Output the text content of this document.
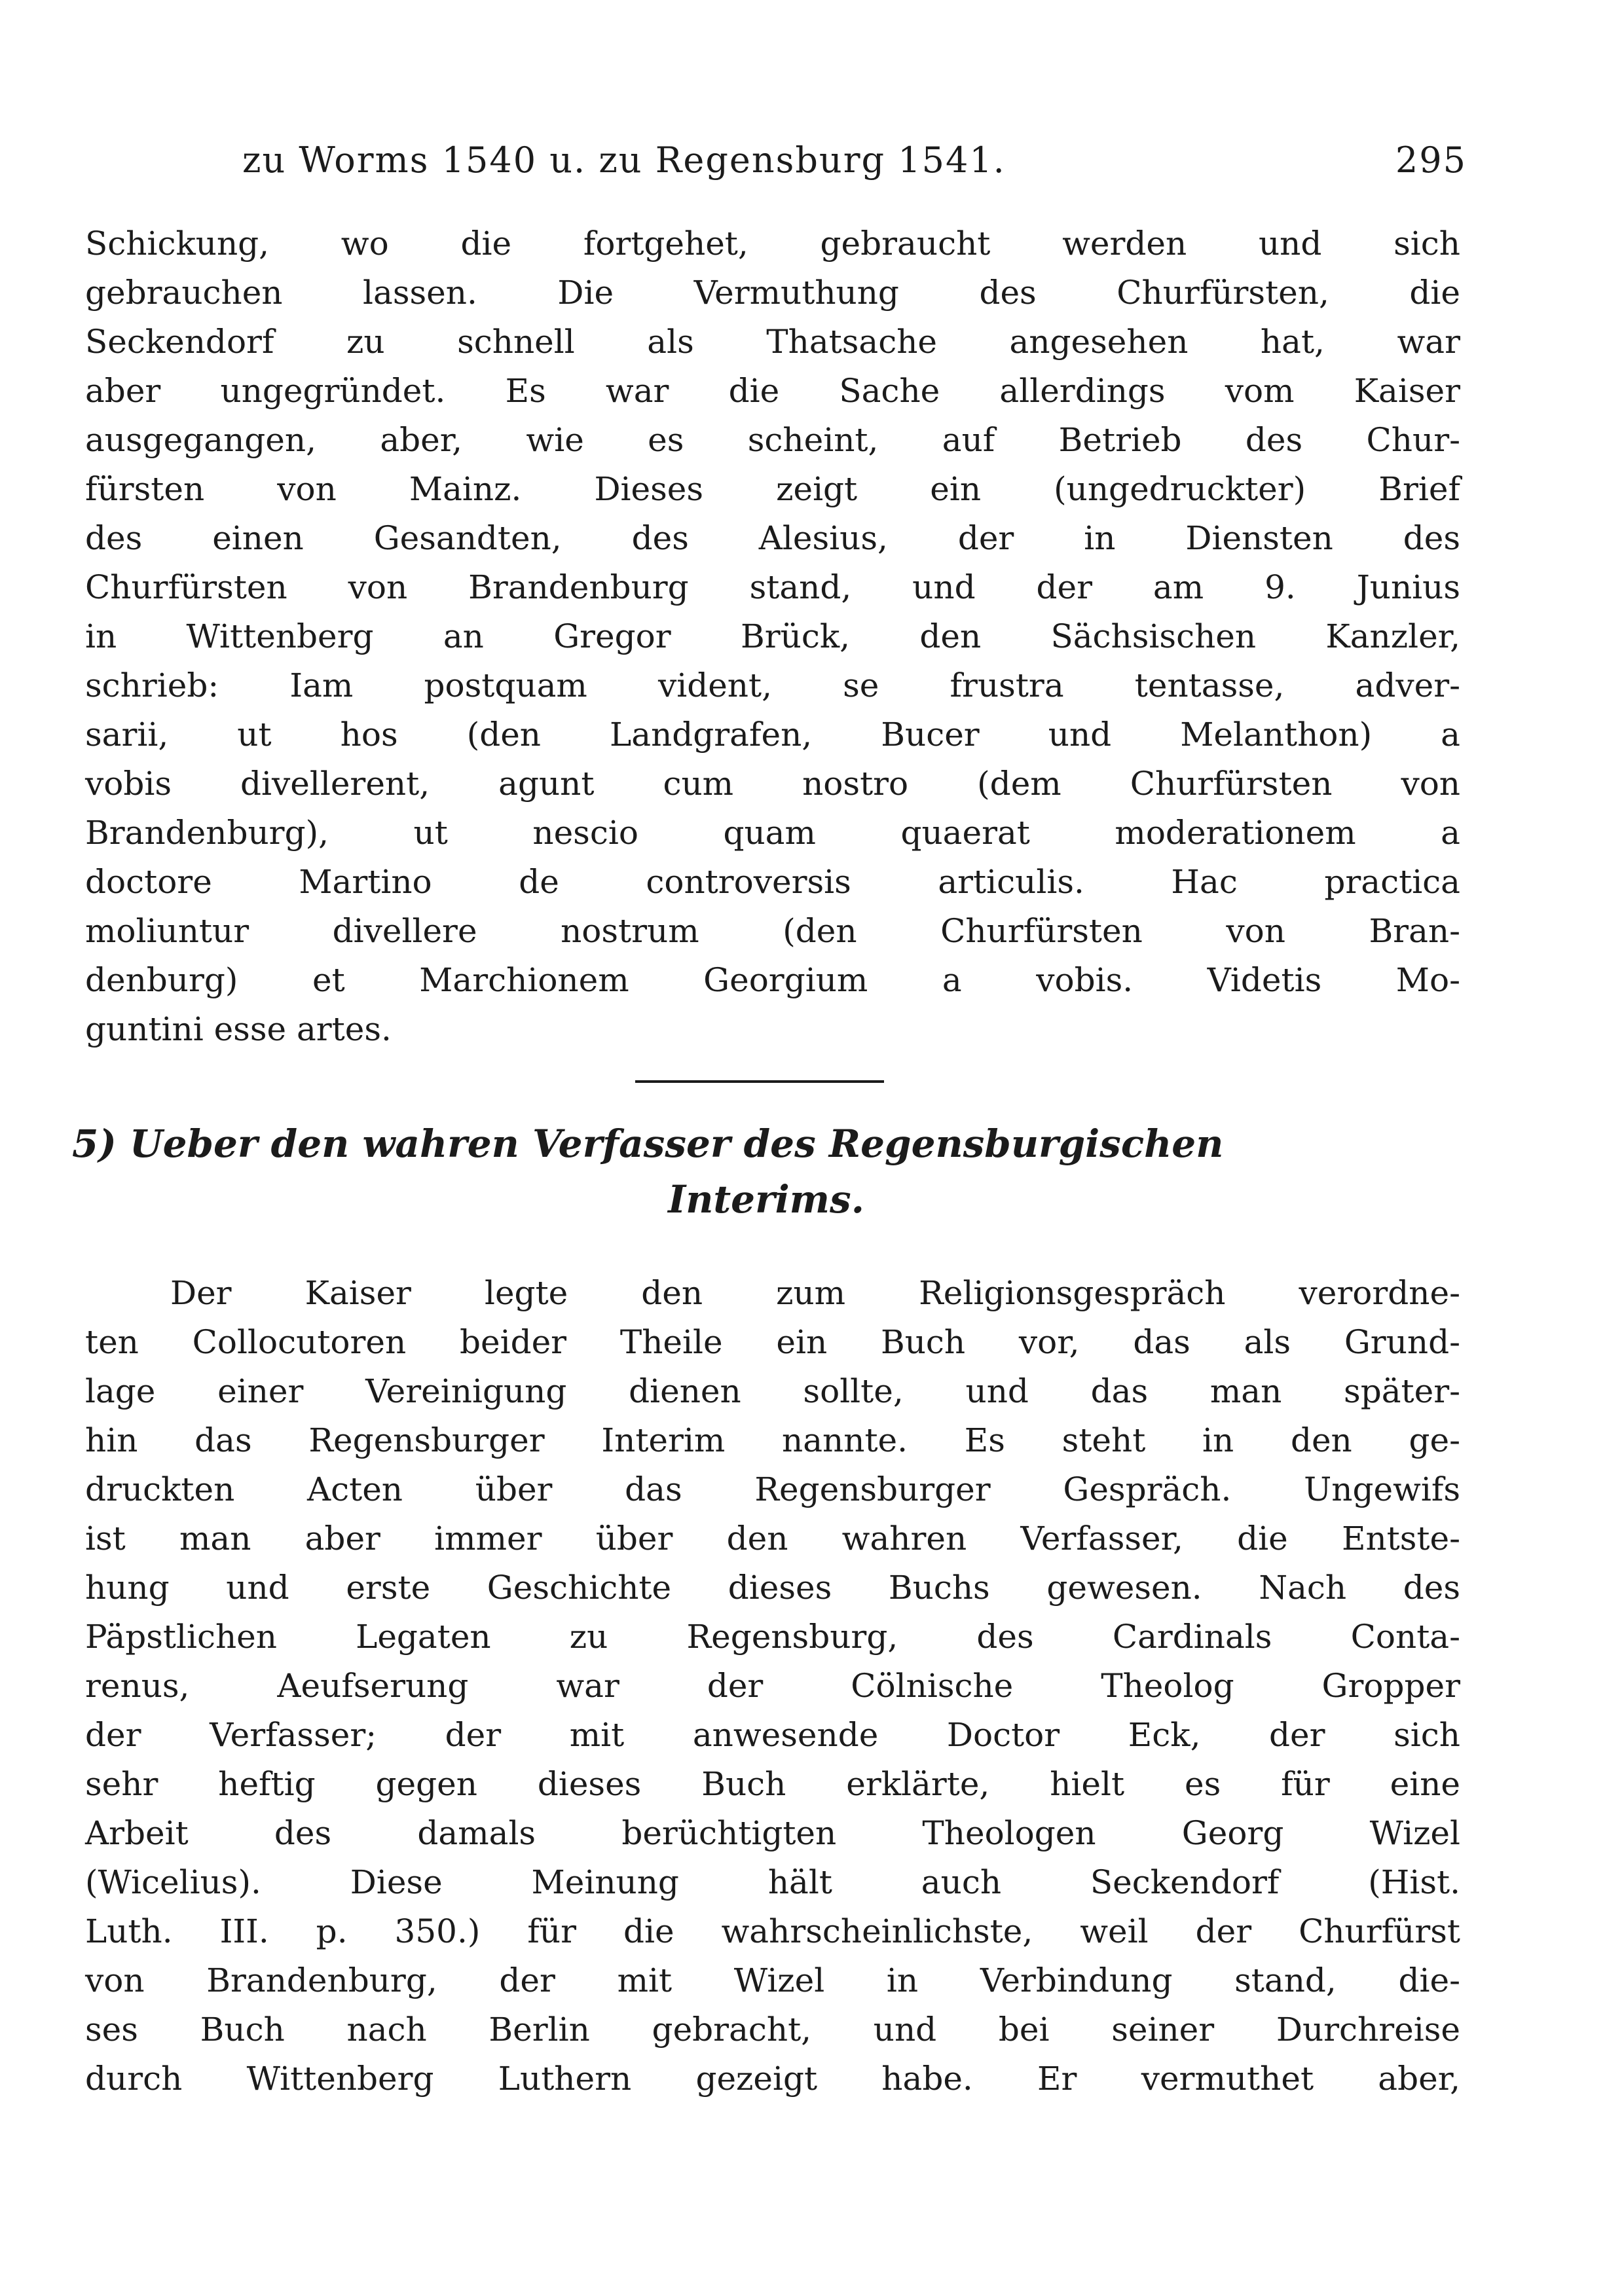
zu Worms 1540 u. zu Regensburg 1541.	295
Schickung, wo die fortgehet, gebraucht werden und sich
gebrauchen lassen. Die Vermuthung des Churfürsten, die
Seckendorf zu schnell als Thatsache angesehen hat, war
aber ungegründet. Es war die Sache allerdings vom Kaiser
ausgegangen, aber, wie es scheint, auf Betrieb des Chur-
fürsten von Mainz. Dieses zeigt ein (ungedruckter) Brief
des einen Gesandten, des Alesius, der in Diensten des
Churfürsten von Brandenburg stand, und der am 9. Junius
in Wittenberg an Gregor Brück, den Sächsischen Kanzler,
schrieb: Iam postquam vident, se frustra tentasse, adver-
sarii, ut hos (den Landgrafen, Bucer und Melanthon) a
vobis divellerent, agunt cum nostro (dem Churfürsten von
Brandenburg), ut nescio quam quaerat moderationem a
doctore Martino de controversis articulis. Hac practica
moliuntur divellere nostrum (den Churfürsten von Bran-
denburg) et Marchionem Georgium a vobis. Videtis Mo-
guntini esse artes.
5) Ueber den wahren Verfasser des Regensburgischen
Interims.
Der Kaiser legte den zum Religionsgespräch verordne-
ten Collocutoren beider Theile ein Buch vor, das als Grund-
lage einer Vereinigung dienen sollte, und das man später-
hin das Regensburger Interim nannte. Es steht in den ge-
druckten Acten über das Regensburger Gespräch. Ungewifs
ist man aber immer über den wahren Verfasser, die Entste-
hung und erste Geschichte dieses Buchs gewesen. Nach des
Päpstlichen Legaten zu Regensburg, des Cardinals Conta-
renus, Aeufserung war der Cölnische Theolog Gropper
der Verfasser; der mit anwesende Doctor Eck, der sich
sehr heftig gegen dieses Buch erklärte, hielt es für eine
Arbeit des damals berüchtigten Theologen Georg Wizel
(Wicelius). Diese Meinung hält auch Seckendorf (Hist.
Luth. III. p. 350.) für die wahrscheinlichste, weil der Churfürst
von Brandenburg, der mit Wizel in Verbindung stand, die-
ses Buch nach Berlin gebracht, und bei seiner Durchreise
durch Wittenberg Luthern gezeigt habe. Er vermuthet aber,
